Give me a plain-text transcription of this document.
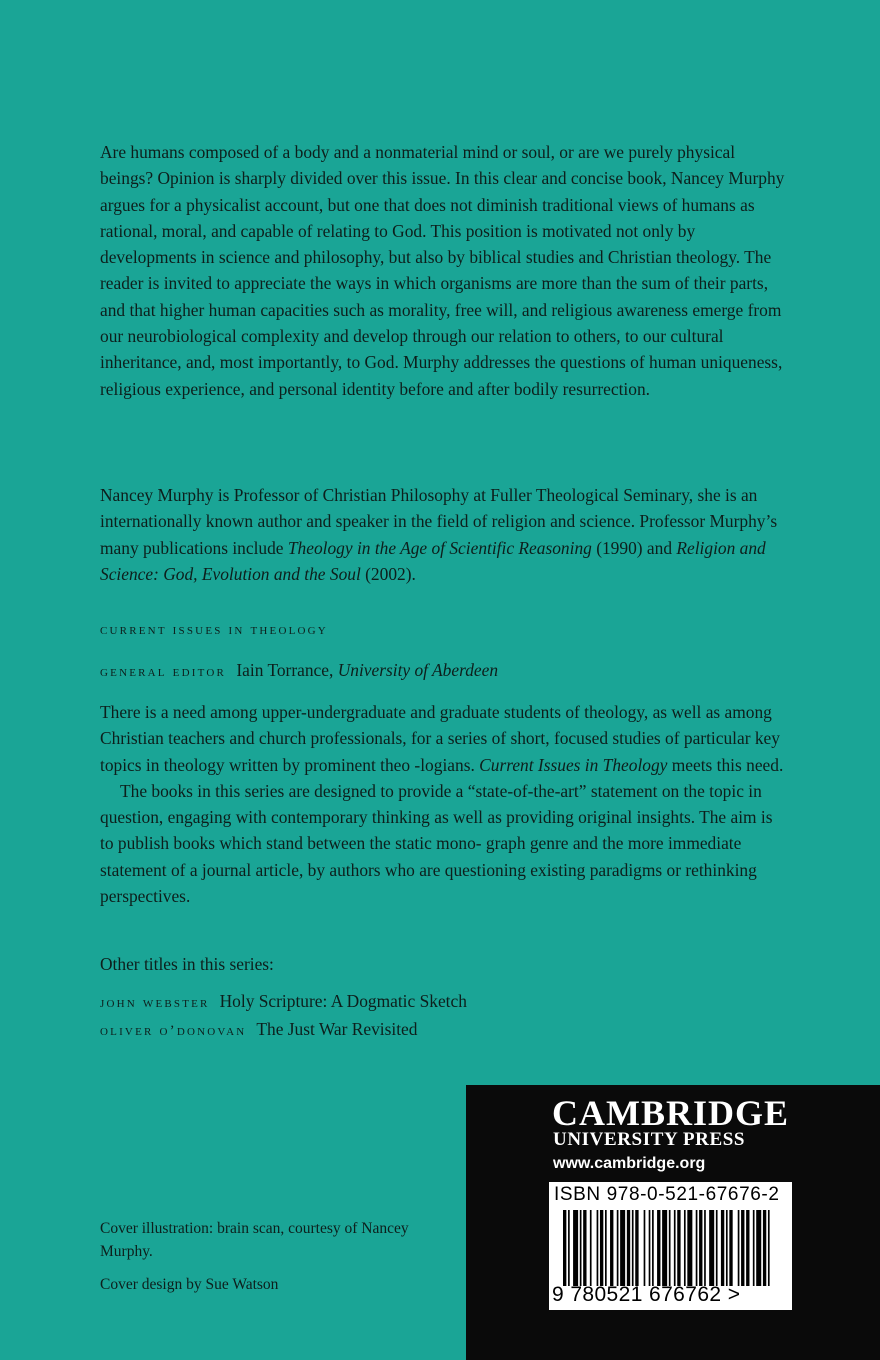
Are humans composed of a body and a nonmaterial mind or soul, or are we purely physical beings? Opinion is sharply divided over this issue. In this clear and concise book, Nancey Murphy argues for a physicalist account, but one that does not diminish traditional views of humans as rational, moral, and capable of relating to God. This position is motivated not only by developments in science and philosophy, but also by biblical studies and Christian theology. The reader is invited to appreciate the ways in which organisms are more than the sum of their parts, and that higher human capacities such as morality, free will, and religious awareness emerge from our neurobiological complexity and develop through our relation to others, to our cultural inheritance, and, most importantly, to God. Murphy addresses the questions of human uniqueness, religious experience, and personal identity before and after bodily resurrection.

Nancey Murphy is Professor of Christian Philosophy at Fuller Theological Seminary, she is an internationally known author and speaker in the field of religion and science. Professor Murphy’s many publications include Theology in the Age of Scientific Reasoning (1990) and Religion and Science: God, Evolution and the Soul (2002).

current issues in theology
general editor Iain Torrance, University of Aberdeen

There is a need among upper-undergraduate and graduate students of theology, as well as among Christian teachers and church professionals, for a series of short, focused studies of particular key topics in theology written by prominent theo -logians. Current Issues in Theology meets this need.

The books in this series are designed to provide a “state-of-the-art” statement on the topic in question, engaging with contemporary thinking as well as providing original insights. The aim is to publish books which stand between the static mono- graph genre and the more immediate statement of a journal article, by authors who are questioning existing paradigms or rethinking perspectives.

Other titles in this series:

john webster Holy Scripture: A Dogmatic Sketch
oliver o’donovan The Just War Revisited

Cover illustration: brain scan, courtesy of Nancey Murphy.

Cover design by Sue Watson

CAMBRIDGE
UNIVERSITY PRESS
www.cambridge.org
ISBN 978-0-521-67676-2
9 780521 676762 >
